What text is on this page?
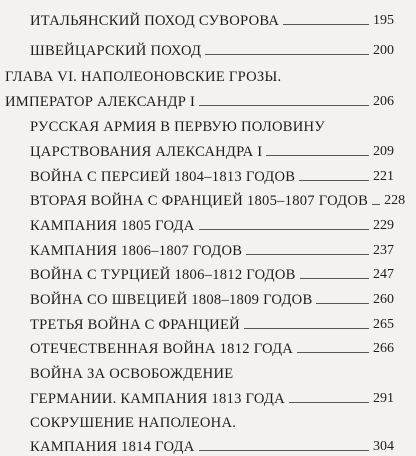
ИТАЛЬЯНСКИЙ ПОХОД СУВОРОВА	195
ШВЕЙЦАРСКИЙ ПОХОД	200
ГЛАВА VI. НАПОЛЕОНОВСКИЕ ГРОЗЫ.
ИМПЕРАТОР АЛЕКСАНДР I	206
РУССКАЯ АРМИЯ В ПЕРВУЮ ПОЛОВИНУ
ЦАРСТВОВАНИЯ АЛЕКСАНДРА I	209
ВОЙНА С ПЕРСИЕЙ 1804–1813 ГОДОВ	221
ВТОРАЯ ВОЙНА С ФРАНЦИЕЙ 1805–1807 ГОДОВ 228
КАМПАНИЯ 1805 ГОДА	229
КАМПАНИЯ 1806–1807 ГОДОВ	237
ВОЙНА С ТУРЦИЕЙ 1806–1812 ГОДОВ	247
ВОЙНА СО ШВЕЦИЕЙ 1808–1809 ГОДОВ	260
ТРЕТЬЯ ВОЙНА С ФРАНЦИЕЙ	265
ОТЕЧЕСТВЕННАЯ ВОЙНА 1812 ГОДА	266
ВОЙНА ЗА ОСВОБОЖДЕНИЕ
ГЕРМАНИИ. КАМПАНИЯ 1813 ГОДА	291
СОКРУШЕНИЕ НАПОЛЕОНА.
КАМПАНИЯ 1814 ГОДА	304
